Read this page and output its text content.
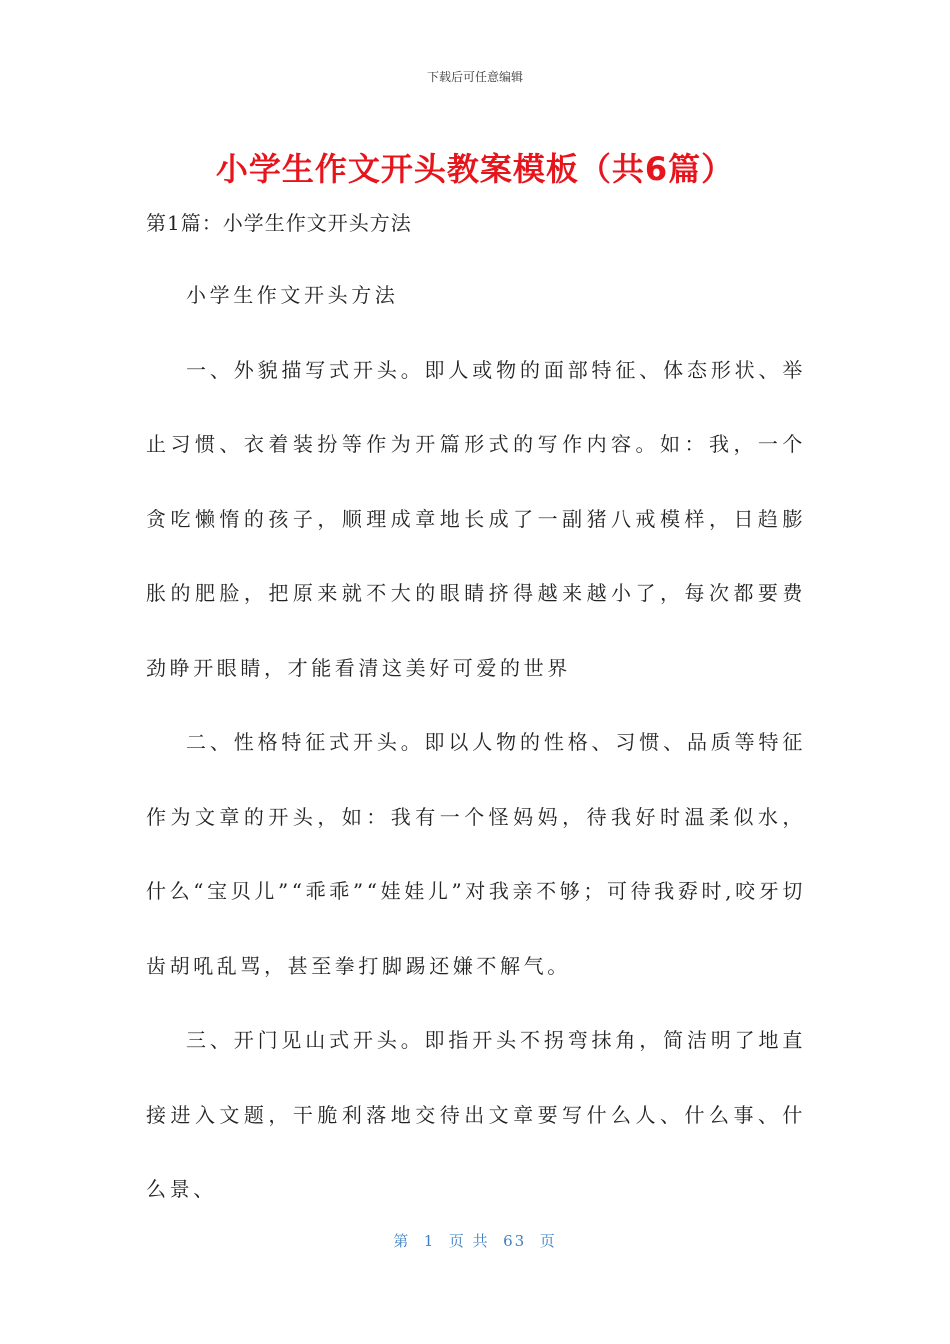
下载后可任意编辑
小学生作文开头教案模板（共6篇）
第1篇：小学生作文开头方法

小学生作文开头方法

一、外貌描写式开头。即人或物的面部特征、体态形状、举止习惯、衣着装扮等作为开篇形式的写作内容。如：我，一个贪吃懒惰的孩子，顺理成章地长成了一副猪八戒模样，日趋膨胀的肥脸，把原来就不大的眼睛挤得越来越小了，每次都要费劲睁开眼睛，才能看清这美好可爱的世界

二、性格特征式开头。即以人物的性格、习惯、品质等特征作为文章的开头，如：我有一个怪妈妈，待我好时温柔似水，什么“宝贝儿”“乖乖”“娃娃儿”对我亲不够；可待我孬时,咬牙切齿胡吼乱骂，甚至拳打脚踢还嫌不解气。

三、开门见山式开头。即指开头不拐弯抹角，简洁明了地直接进入文题，干脆利落地交待出文章要写什么人、什么事、什么景、

第  1  页 共  63  页
